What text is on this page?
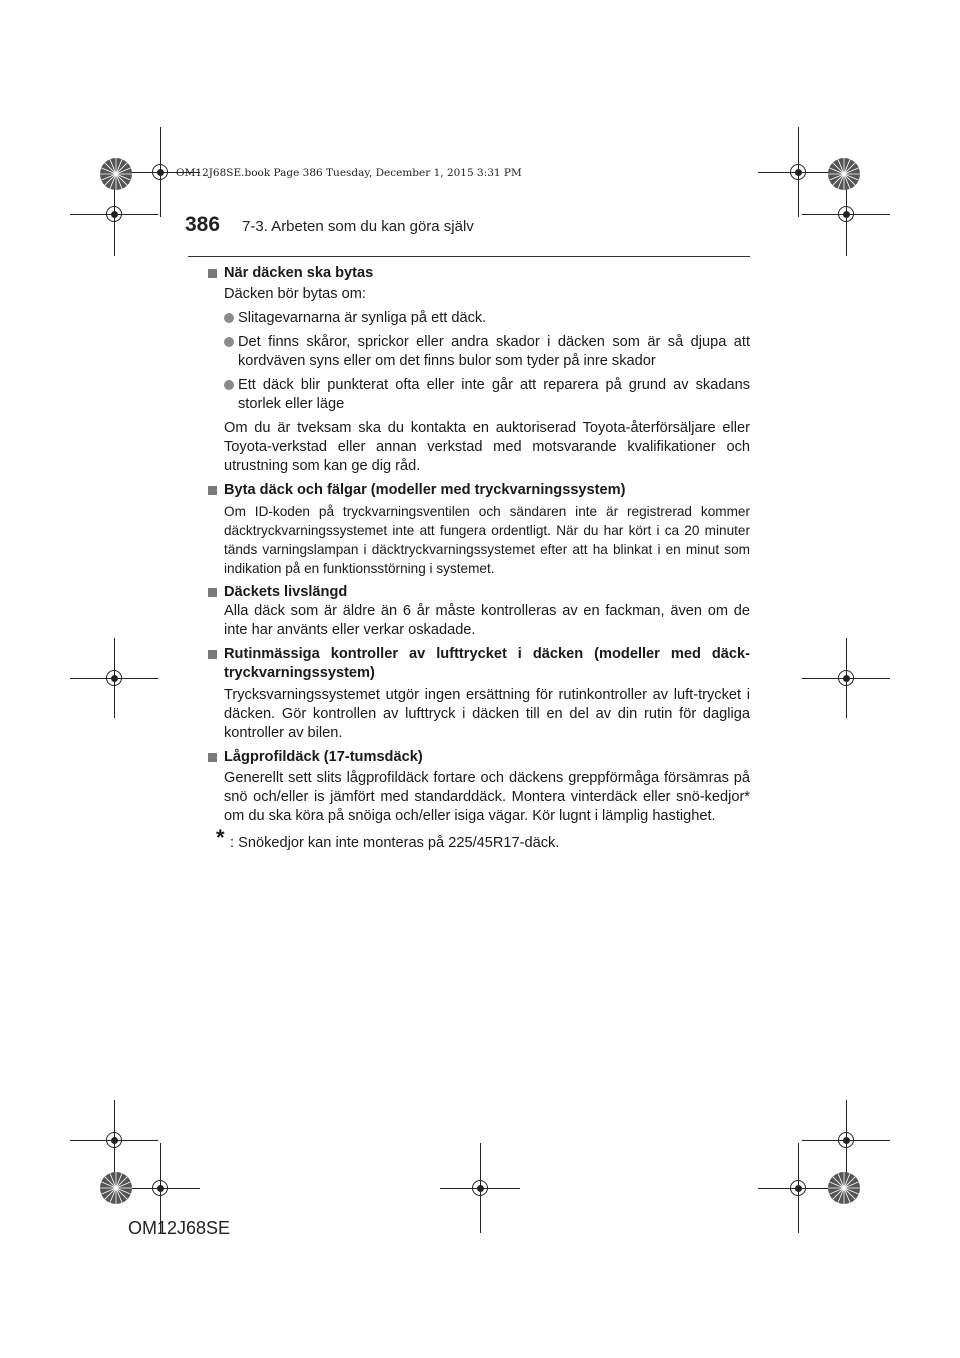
OM12J68SE.book Page 386 Tuesday, December 1, 2015 3:31 PM
386 7-3. Arbeten som du kan göra själv
När däcken ska bytas
Däcken bör bytas om:
Slitagevarnarna är synliga på ett däck.
Det finns skåror, sprickor eller andra skador i däcken som är så djupa att kordväven syns eller om det finns bulor som tyder på inre skador
Ett däck blir punkterat ofta eller inte går att reparera på grund av skadans storlek eller läge
Om du är tveksam ska du kontakta en auktoriserad Toyota-återförsäljare eller Toyota-verkstad eller annan verkstad med motsvarande kvalifikationer och utrustning som kan ge dig råd.
Byta däck och fälgar (modeller med tryckvarningssystem)
Om ID-koden på tryckvarningsventilen och sändaren inte är registrerad kommer däcktryckvarningssystemet inte att fungera ordentligt. När du har kört i ca 20 minuter tänds varningslampan i däcktryckvarningssystemet efter att ha blinkat i en minut som indikation på en funktionsstörning i systemet.
Däckets livslängd
Alla däck som är äldre än 6 år måste kontrolleras av en fackman, även om de inte har använts eller verkar oskadade.
Rutinmässiga kontroller av lufttrycket i däcken (modeller med däck-tryckvarningssystem)
Trycksvarningssystemet utgör ingen ersättning för rutinkontroller av luft-trycket i däcken. Gör kontrollen av lufttryck i däcken till en del av din rutin för dagliga kontroller av bilen.
Lågprofildäck (17-tumsdäck)
Generellt sett slits lågprofildäck fortare och däckens greppförmåga försämras på snö och/eller is jämfört med standarddäck. Montera vinterdäck eller snö-kedjor* om du ska köra på snöiga och/eller isiga vägar. Kör lugnt i lämplig hastighet.
* : Snökedjor kan inte monteras på 225/45R17-däck.
OM12J68SE
